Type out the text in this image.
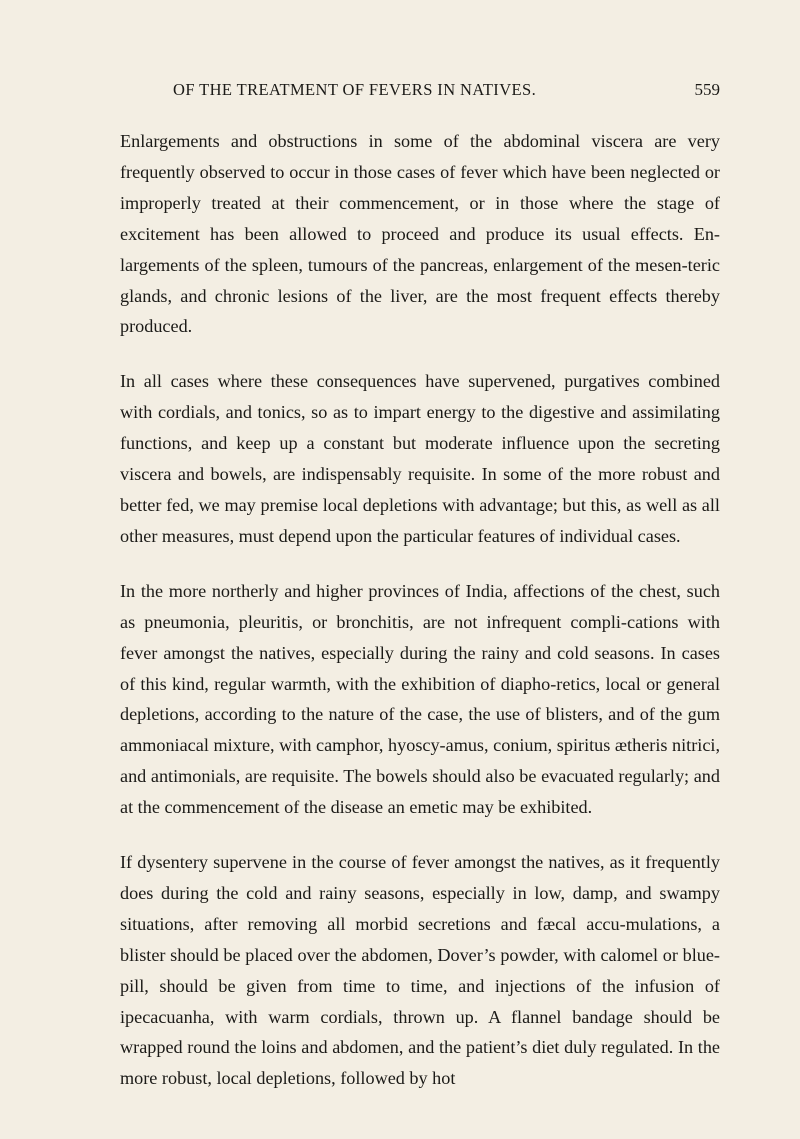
OF THE TREATMENT OF FEVERS IN NATIVES.	559

Enlargements and obstructions in some of the abdominal viscera are very frequently observed to occur in those cases of fever which have been neglected or improperly treated at their commencement, or in those where the stage of excitement has been allowed to proceed and produce its usual effects. En-largements of the spleen, tumours of the pancreas, enlargement of the mesen-teric glands, and chronic lesions of the liver, are the most frequent effects thereby produced.

In all cases where these consequences have supervened, purgatives combined with cordials, and tonics, so as to impart energy to the digestive and assimilating functions, and keep up a constant but moderate influence upon the secreting viscera and bowels, are indispensably requisite. In some of the more robust and better fed, we may premise local depletions with advantage; but this, as well as all other measures, must depend upon the particular features of individual cases.

In the more northerly and higher provinces of India, affections of the chest, such as pneumonia, pleuritis, or bronchitis, are not infrequent compli-cations with fever amongst the natives, especially during the rainy and cold seasons. In cases of this kind, regular warmth, with the exhibition of diapho-retics, local or general depletions, according to the nature of the case, the use of blisters, and of the gum ammoniacal mixture, with camphor, hyoscy-amus, conium, spiritus ætheris nitrici, and antimonials, are requisite. The bowels should also be evacuated regularly; and at the commencement of the disease an emetic may be exhibited.

If dysentery supervene in the course of fever amongst the natives, as it frequently does during the cold and rainy seasons, especially in low, damp, and swampy situations, after removing all morbid secretions and fæcal accu-mulations, a blister should be placed over the abdomen, Dover’s powder, with calomel or blue-pill, should be given from time to time, and injections of the infusion of ipecacuanha, with warm cordials, thrown up. A flannel bandage should be wrapped round the loins and abdomen, and the patient’s diet duly regulated. In the more robust, local depletions, followed by hot
